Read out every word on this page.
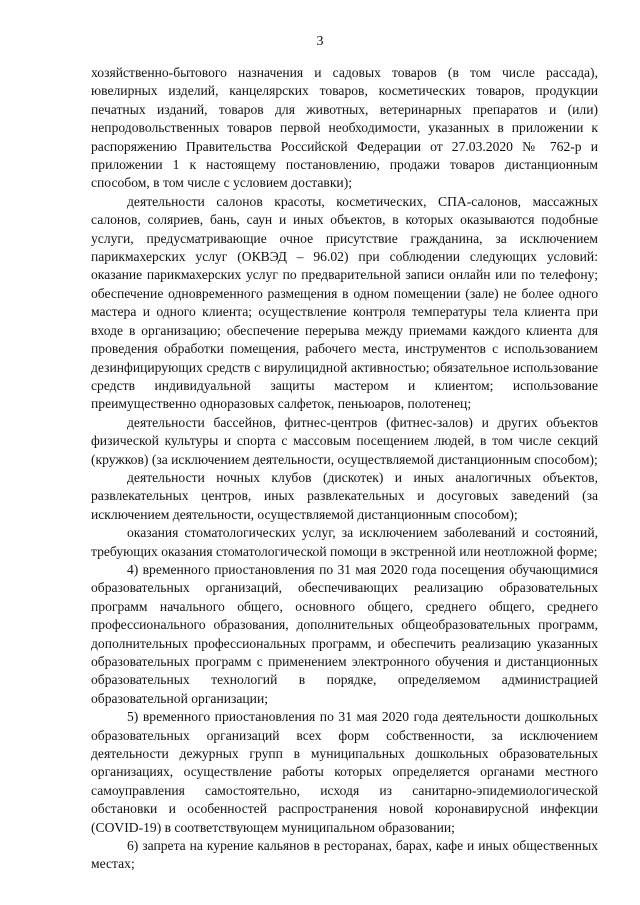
3

хозяйственно-бытового назначения и садовых товаров (в том числе рассада), ювелирных изделий, канцелярских товаров, косметических товаров, продукции печатных изданий, товаров для животных, ветеринарных препаратов и (или) непродовольственных товаров первой необходимости, указанных в приложении к распоряжению Правительства Российской Федерации от 27.03.2020 № 762-р и приложении 1 к настоящему постановлению, продажи товаров дистанционным способом, в том числе с условием доставки);

деятельности салонов красоты, косметических, СПА-салонов, массажных салонов, соляриев, бань, саун и иных объектов, в которых оказываются подобные услуги, предусматривающие очное присутствие гражданина, за исключением парикмахерских услуг (ОКВЭД – 96.02) при соблюдении следующих условий: оказание парикмахерских услуг по предварительной записи онлайн или по телефону; обеспечение одновременного размещения в одном помещении (зале) не более одного мастера и одного клиента; осуществление контроля температуры тела клиента при входе в организацию; обеспечение перерыва между приемами каждого клиента для проведения обработки помещения, рабочего места, инструментов с использованием дезинфицирующих средств с вирулицидной активностью; обязательное использование средств индивидуальной защиты мастером и клиентом; использование преимущественно одноразовых салфеток, пеньюаров, полотенец;

деятельности бассейнов, фитнес-центров (фитнес-залов) и других объектов физической культуры и спорта с массовым посещением людей, в том числе секций (кружков) (за исключением деятельности, осуществляемой дистанционным способом);

деятельности ночных клубов (дискотек) и иных аналогичных объектов, развлекательных центров, иных развлекательных и досуговых заведений (за исключением деятельности, осуществляемой дистанционным способом);

оказания стоматологических услуг, за исключением заболеваний и состояний, требующих оказания стоматологической помощи в экстренной или неотложной форме;

4) временного приостановления по 31 мая 2020 года посещения обучающимися образовательных организаций, обеспечивающих реализацию образовательных программ начального общего, основного общего, среднего общего, среднего профессионального образования, дополнительных общеобразовательных программ, дополнительных профессиональных программ, и обеспечить реализацию указанных образовательных программ с применением электронного обучения и дистанционных образовательных технологий в порядке, определяемом администрацией образовательной организации;

5) временного приостановления по 31 мая 2020 года деятельности дошкольных образовательных организаций всех форм собственности, за исключением деятельности дежурных групп в муниципальных дошкольных образовательных организациях, осуществление работы которых определяется органами местного самоуправления самостоятельно, исходя из санитарно-эпидемиологической обстановки и особенностей распространения новой коронавирусной инфекции (COVID-19) в соответствующем муниципальном образовании;

6) запрета на курение кальянов в ресторанах, барах, кафе и иных общественных местах;
